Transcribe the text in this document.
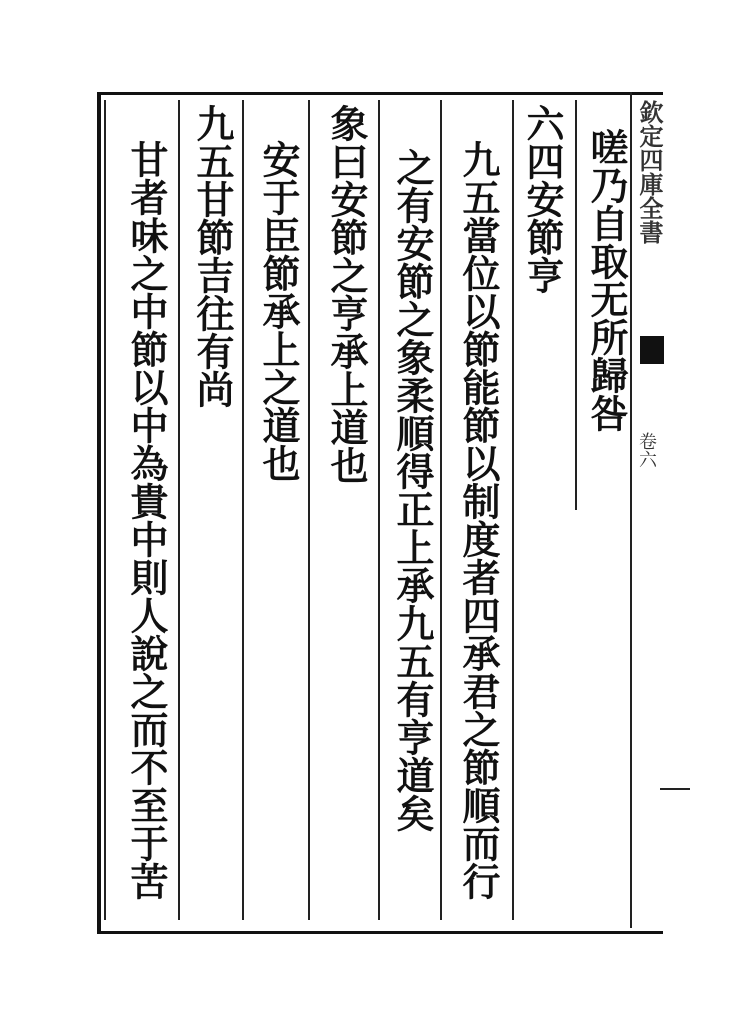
欽定四庫全書
卷六
嗟乃自取无所歸咎
六四安節亨
九五當位以節能節以制度者四承君之節順而行
之有安節之象柔順得正上承九五有亨道矣
象曰安節之亨承上道也
安于臣節承上之道也
九五甘節吉往有尚
甘者味之中節以中為貴中則人說之而不至于苦
